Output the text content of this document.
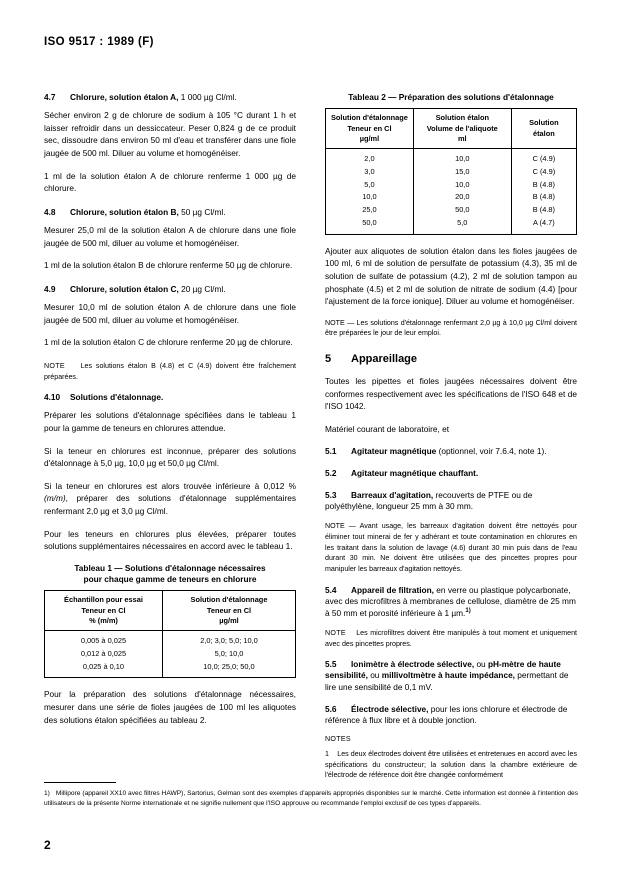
ISO 9517 : 1989 (F)
4.7 Chlorure, solution étalon A, 1 000 µg Cl/ml.

Sécher environ 2 g de chlorure de sodium à 105 °C durant 1 h et laisser refroidir dans un dessiccateur. Peser 0,824 g de ce produit sec, dissoudre dans environ 50 ml d'eau et transférer dans une fiole jaugée de 500 ml. Diluer au volume et homogénéiser.

1 ml de la solution étalon A de chlorure renferme 1 000 µg de chlorure.

4.8 Chlorure, solution étalon B, 50 µg Cl/ml.

Mesurer 25,0 ml de la solution étalon A de chlorure dans une fiole jaugée de 500 ml, diluer au volume et homogénéiser.

1 ml de la solution étalon B de chlorure renferme 50 µg de chlorure.

4.9 Chlorure, solution étalon C, 20 µg Cl/ml.

Mesurer 10,0 ml de solution étalon A de chlorure dans une fiole jaugée de 500 ml, diluer au volume et homogénéiser.

1 ml de la solution étalon C de chlorure renferme 20 µg de chlorure.

NOTE Les solutions étalon B (4.8) et C (4.9) doivent être fraîchement préparées.

4.10 Solutions d'étalonnage.

Préparer les solutions d'étalonnage spécifiées dans le tableau 1 pour la gamme de teneurs en chlorures attendue.

Si la teneur en chlorures est inconnue, préparer des solutions d'étalonnage à 5,0 µg, 10,0 µg et 50,0 µg Cl/ml.

Si la teneur en chlorures est alors trouvée inférieure à 0,012 % (m/m), préparer des solutions d'étalonnage supplémentaires renfermant 2,0 µg et 3,0 µg Cl/ml.

Pour les teneurs en chlorures plus élevées, préparer toutes solutions supplémentaires nécessaires en accord avec le tableau 1.

Tableau 1 — Solutions d'étalonnage nécessaires
pour chaque gamme de teneurs en chlorure
Échantillon pour essai
Teneur en Cl
% (m/m)	Solution d'étalonnage
Teneur en Cl
µg/ml

0,005 à 0,025	2,0; 3,0; 5,0; 10,0
0,012 à 0,025	5,0; 10,0
0,025 à 0,10	10,0; 25,0; 50,0

Pour la préparation des solutions d'étalonnage nécessaires, mesurer dans une série de fioles jaugées de 100 ml les aliquotes des solutions étalon spécifiées au tableau 2.

Tableau 2 — Préparation des solutions d'étalonnage
Solution d'étalonnage
Teneur en Cl
µg/ml	Solution étalon
Volume de l'aliquote
ml	Solution
étalon

2,0	10,0	C (4.9)
3,0	15,0	C (4.9)
5,0	10,0	B (4.8)
10,0	20,0	B (4.8)
25,0	50,0	B (4.8)
50,0	5,0	A (4.7)

Ajouter aux aliquotes de solution étalon dans les fioles jaugées de 100 ml, 6 ml de solution de persulfate de potassium (4.3), 35 ml de solution de sulfate de potassium (4.2), 2 ml de solution tampon au phosphate (4.5) et 2 ml de solution de nitrate de sodium (4.4) [pour l'ajustement de la force ionique]. Diluer au volume et homogénéiser.

NOTE — Les solutions d'étalonnage renfermant 2,0 µg à 10,0 µg Cl/ml doivent être préparées le jour de leur emploi.

5 Appareillage

Toutes les pipettes et fioles jaugées nécessaires doivent être conformes respectivement avec les spécifications de l'ISO 648 et de l'ISO 1042.

Matériel courant de laboratoire, et

5.1 Agitateur magnétique (optionnel, voir 7.6.4, note 1).
5.2 Agitateur magnétique chauffant.
5.3 Barreaux d'agitation, recouverts de PTFE ou de polyéthylène, longueur 25 mm à 30 mm.

NOTE — Avant usage, les barreaux d'agitation doivent être nettoyés pour éliminer tout minerai de fer y adhérant et toute contamination en chlorures en les traitant dans la solution de lavage (4.6) durant 30 min puis dans de l'eau durant 30 min. Ne doivent être utilisées que des pincettes propres pour manipuler les barreaux d'agitation nettoyés.

5.4 Appareil de filtration, en verre ou plastique polycarbonate, avec des microfiltres à membranes de cellulose, diamètre de 25 mm à 50 mm et porosité inférieure à 1 µm.$^{1)}$

NOTE Les microfiltres doivent être manipulés à tout moment et uniquement avec des pincettes propres.

5.5 Ionimètre à électrode sélective, ou pH-mètre de haute sensibilité, ou millivoltmètre à haute impédance, permettant de lire une sensibilité de 0,1 mV.
5.6 Électrode sélective, pour les ions chlorure et électrode de référence à flux libre et à double jonction.
NOTES

1 Les deux électrodes doivent être utilisées et entretenues en accord avec les spécifications du constructeur; la solution dans la chambre extérieure de l'électrode de référence doit être changée conformément

1) Millipore (appareil XX10 avec filtres HAWP), Sartorius, Gelman sont des exemples d'appareils appropriés disponibles sur le marché. Cette information est donnée à l'intention des utilisateurs de la présente Norme internationale et ne signifie nullement que l'ISO approuve ou recommande l'emploi exclusif de ces types d'appareils.
2
